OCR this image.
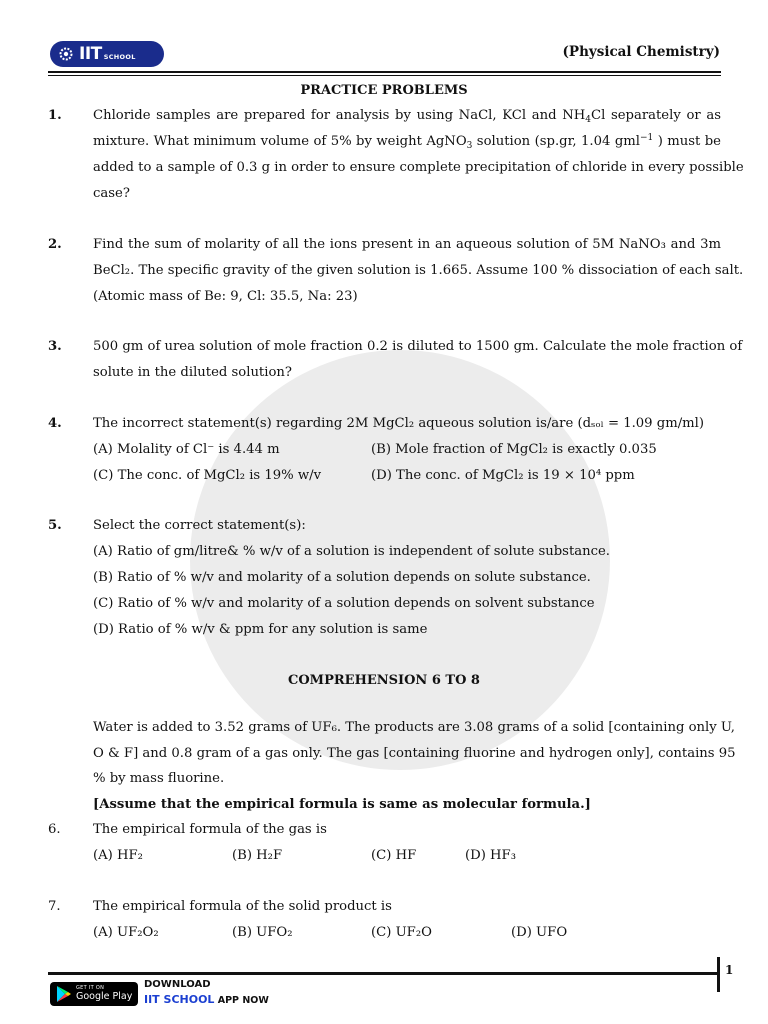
IIT SCHOOL	(Physical Chemistry)
PRACTICE PROBLEMS
1. Chloride samples are prepared for analysis by using NaCl, KCl and $NH_4Cl$ separately or as
mixture. What minimum volume of 5% by weight AgNO$_3$ solution (sp.gr, 1.04 gml$^{-1}$ ) must be
added to a sample of 0.3 g in order to ensure complete precipitation of chloride in every possible
case?
2. Find the sum of molarity of all the ions present in an aqueous solution of 5M NaNO₃ and 3m
BeCl₂. The specific gravity of the given solution is 1.665. Assume 100 % dissociation of each salt.
(Atomic mass of Be: 9, Cl: 35.5, Na: 23)
3. 500 gm of urea solution of mole fraction 0.2 is diluted to 1500 gm. Calculate the mole fraction of
solute in the diluted solution?
4. The incorrect statement(s) regarding 2M MgCl₂ aqueous solution is/are (dₛₒₗ = 1.09 gm/ml)
(A) Molality of Cl⁻ is 4.44 m	(B) Mole fraction of MgCl₂ is exactly 0.035
(C) The conc. of MgCl₂ is 19% w/v	(D) The conc. of MgCl₂ is 19 × 10⁴ ppm
5. Select the correct statement(s):
(A) Ratio of gm/litre& % w/v of a solution is independent of solute substance.
(B) Ratio of % w/v and molarity of a solution depends on solute substance.
(C) Ratio of % w/v and molarity of a solution depends on solvent substance
(D) Ratio of % w/v & ppm for any solution is same
COMPREHENSION 6 TO 8
Water is added to 3.52 grams of UF₆. The products are 3.08 grams of a solid [containing only U,
O & F] and 0.8 gram of a gas only. The gas [containing fluorine and hydrogen only], contains 95
% by mass fluorine.
[Assume that the empirical formula is same as molecular formula.]
6. The empirical formula of the gas is
(A) HF₂	(B) H₂F	(C) HF	(D) HF₃
7. The empirical formula of the solid product is
(A) UF₂O₂	(B) UFO₂	(C) UF₂O	(D) UFO
1
GET IT ON
Google Play
DOWNLOAD
IIT SCHOOL APP NOW
